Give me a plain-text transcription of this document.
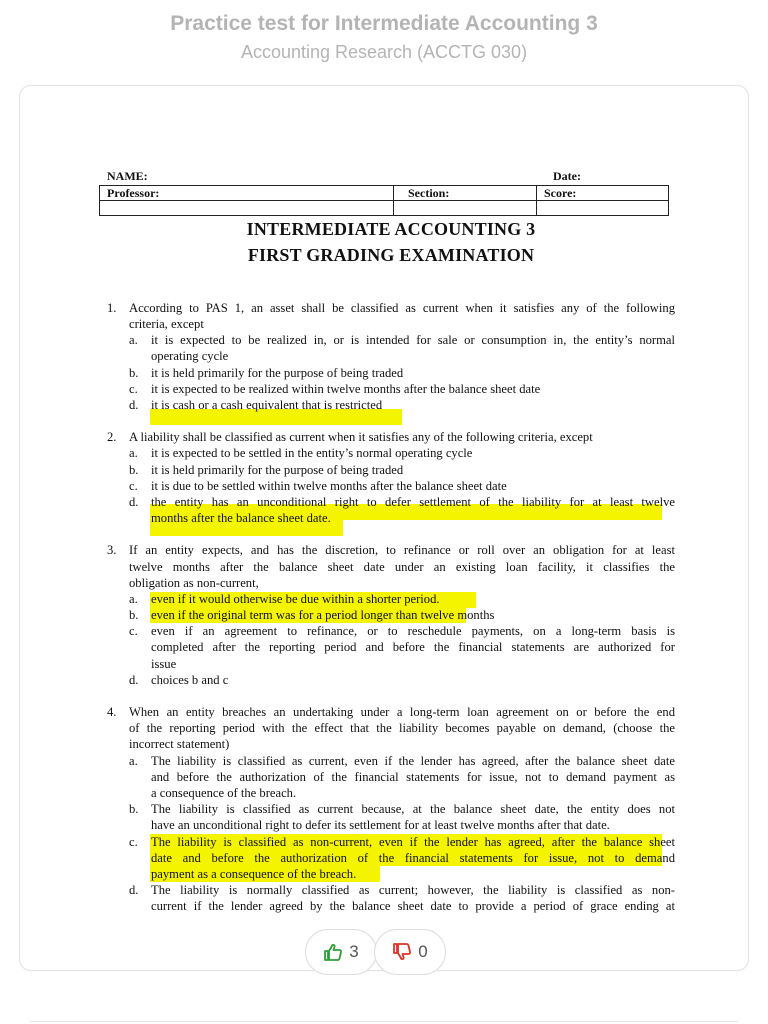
Practice test for Intermediate Accounting 3
Accounting Research (ACCTG 030)
NAME:	Date:
Professor:	Section:	Score:

INTERMEDIATE ACCOUNTING 3
FIRST GRADING EXAMINATION
1. According to PAS 1, an asset shall be classified as current when it satisfies any of the following
criteria, except
a. it is expected to be realized in, or is intended for sale or consumption in, the entity’s normal
operating cycle
b. it is held primarily for the purpose of being traded
c. it is expected to be realized within twelve months after the balance sheet date
d. it is cash or a cash equivalent that is restricted
2. A liability shall be classified as current when it satisfies any of the following criteria, except
a. it is expected to be settled in the entity’s normal operating cycle
b. it is held primarily for the purpose of being traded
c. it is due to be settled within twelve months after the balance sheet date
d. the entity has an unconditional right to defer settlement of the liability for at least twelve
months after the balance sheet date.
3. If an entity expects, and has the discretion, to refinance or roll over an obligation for at least
twelve months after the balance sheet date under an existing loan facility, it classifies the
obligation as non-current,
a. even if it would otherwise be due within a shorter period.
b. even if the original term was for a period longer than twelve months
c. even if an agreement to refinance, or to reschedule payments, on a long-term basis is
completed after the reporting period and before the financial statements are authorized for
issue
d. choices b and c
4. When an entity breaches an undertaking under a long-term loan agreement on or before the end
of the reporting period with the effect that the liability becomes payable on demand, (choose the
incorrect statement)
a. The liability is classified as current, even if the lender has agreed, after the balance sheet date
and before the authorization of the financial statements for issue, not to demand payment as
a consequence of the breach.
b. The liability is classified as current because, at the balance sheet date, the entity does not
have an unconditional right to defer its settlement for at least twelve months after that date.
c. The liability is classified as non-current, even if the lender has agreed, after the balance sheet
date and before the authorization of the financial statements for issue, not to demand
payment as a consequence of the breach.
d. The liability is normally classified as current; however, the liability is classified as non-
current if the lender agreed by the balance sheet date to provide a period of grace ending at
3	0
